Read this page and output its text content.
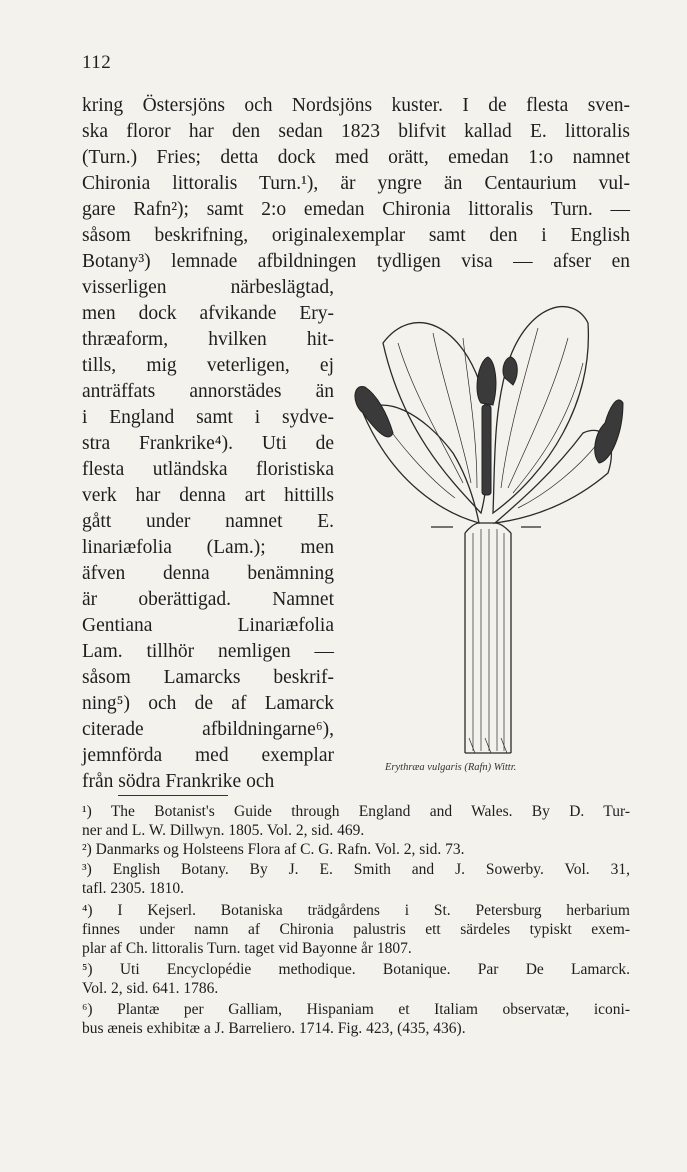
112
kring Östersjöns och Nordsjöns kuster. I de flesta sven-
ska floror har den sedan 1823 blifvit kallad E. littoralis
(Turn.) Fries; detta dock med orätt, emedan 1:o namnet
Chironia littoralis Turn.¹), är yngre än Centaurium vul-
gare Rafn²); samt 2:o emedan Chironia littoralis Turn. —
såsom beskrifning, originalexemplar samt den i English
Botany³) lemnade afbildningen tydligen visa — afser en
visserligen närbeslägtad,
men dock afvikande Ery-
thræaform, hvilken hit-
tills, mig veterligen, ej
anträffats annorstädes än
i England samt i sydve-
stra Frankrike⁴). Uti de
flesta utländska floristiska
verk har denna art hittills
gått under namnet E.
linariæfolia (Lam.); men
äfven denna benämning
är oberättigad. Namnet
Gentiana Linariæfolia
Lam. tillhör nemligen —
såsom Lamarcks beskrif-
ning⁵) och de af Lamarck
citerade afbildningarne⁶),
jemnförda med exemplar
från södra Frankrike och
Erythræa vulgaris (Rafn) Wittr.
¹) The Botanist's Guide through England and Wales. By D. Tur-
ner and L. W. Dillwyn. 1805. Vol. 2, sid. 469.
²) Danmarks og Holsteens Flora af C. G. Rafn. Vol. 2, sid. 73.
³) English Botany. By J. E. Smith and J. Sowerby. Vol. 31,
tafl. 2305. 1810.
⁴) I Kejserl. Botaniska trädgårdens i St. Petersburg herbarium
finnes under namn af Chironia palustris ett särdeles typiskt exem-
plar af Ch. littoralis Turn. taget vid Bayonne år 1807.
⁵) Uti Encyclopédie methodique. Botanique. Par De Lamarck.
Vol. 2, sid. 641. 1786.
⁶) Plantæ per Galliam, Hispaniam et Italiam observatæ, iconi-
bus æneis exhibitæ a J. Barreliero. 1714. Fig. 423, (435, 436).
